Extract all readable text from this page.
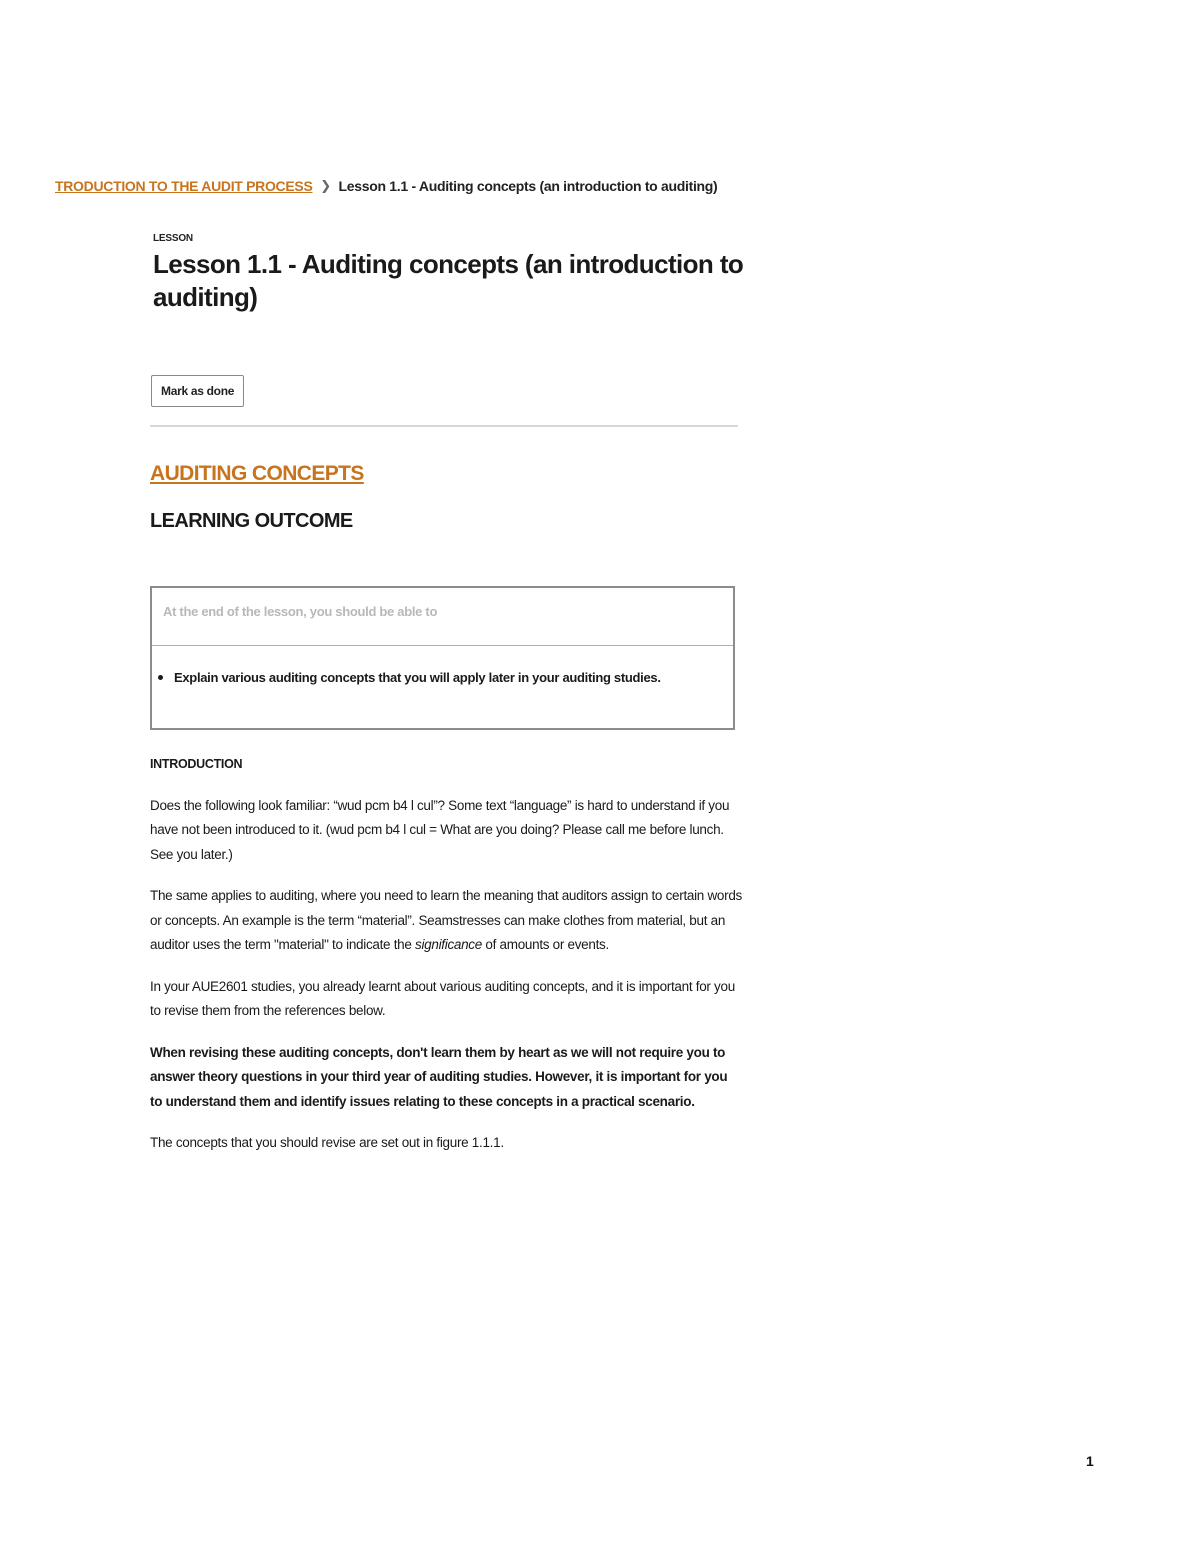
TRODUCTION TO THE AUDIT PROCESS ❯ Lesson 1.1 - Auditing concepts (an introduction to auditing)
LESSON
Lesson 1.1 - Auditing concepts (an introduction to auditing)
Mark as done
AUDITING CONCEPTS
LEARNING OUTCOME
At the end of the lesson, you should be able to
Explain various auditing concepts that you will apply later in your auditing studies.
INTRODUCTION

Does the following look familiar: “wud pcm b4 l cul”? Some text “language” is hard to understand if you have not been introduced to it. (wud pcm b4 l cul = What are you doing? Please call me before lunch. See you later.)

The same applies to auditing, where you need to learn the meaning that auditors assign to certain words or concepts. An example is the term “material”. Seamstresses can make clothes from material, but an auditor uses the term "material" to indicate the significance of amounts or events.

In your AUE2601 studies, you already learnt about various auditing concepts, and it is important for you to revise them from the references below.

When revising these auditing concepts, don't learn them by heart as we will not require you to answer theory questions in your third year of auditing studies. However, it is important for you to understand them and identify issues relating to these concepts in a practical scenario.

The concepts that you should revise are set out in figure 1.1.1.

1
